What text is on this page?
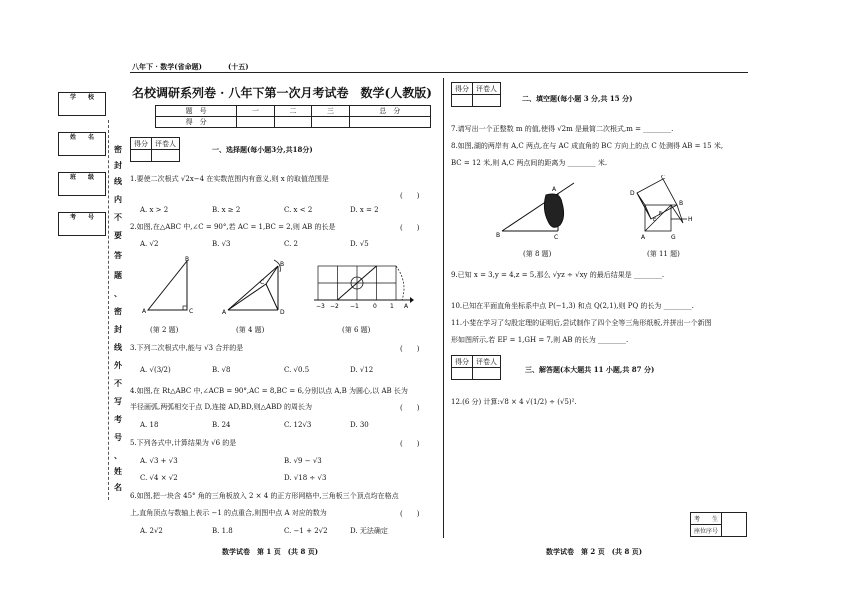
八年下 · 数学(省命题)	(十五)
学　　校
姓　　名
班　　级
考　　号
密
封
线
内
不
要
答
题
、
密
封
线
外
不
写
考
号
、
姓
名
名校调研系列卷 · 八年下第一次月考试卷　数学(人教版)
题　号	一	二	三	总　分
得　分				
得分	评卷人

一、选择题(每小题3分,共18分)
1.要使二次根式 √2x−4 在实数范围内有意义,则 x 的取值范围是
(　　)
A. x > 2	B. x ≥ 2	C. x < 2	D. x = 2
2.如图,在△ABC 中,∠C = 90°,若 AC = 1,BC = 2,则 AB 的长是	(　　)
A. √2	B. √3	C. 2	D. √5
A
B
C
B
C
A	D
−3 −2 −1 0 1 A
(第 2 题)	(第 4 题)	(第 6 题)
3.下列二次根式中,能与 √3 合并的是	(　　)
A. √(3/2)	B. √8	C. √0.5	D. √12
4.如图,在 Rt△ABC 中,∠ACB = 90°,AC = 8,BC = 6,分别以点 A,B 为圆心,以 AB 长为
半径画弧,两弧相交于点 D,连接 AD,BD,则△ABD 的周长为	(　　)
A. 18	B. 24	C. 12√3	D. 30
5.下列各式中,计算结果为 √6 的是	(　　)
A. √3 + √3	B. √9 − √3
C. √4 × √2	D. √18 ÷ √3
6.如图,把一块含 45° 角的三角板放入 2 × 4 的正方形网格中,三角板三个顶点均在格点
上,直角顶点与数轴上表示 −1 的点重合,则图中点 A 对应的数为	(　　)
A. 2√2	B. 1.8	C. −1 + 2√2	D. 无法确定
数学试卷　第 1 页　(共 8 页)
得分	评卷人

二、填空题(每小题 3 分,共 15 分)
7.请写出一个正整数 m 的值,使得 √2m 是最简二次根式,m = ________.
8.如图,湖的两岸有 A,C 两点,在与 AC 成直角的 BC 方向上的点 C 处测得 AB = 15 米,
BC = 12 米,则 A,C 两点间的距离为 ________ 米.
B
A
C
C
D
B
H
A
E
F
G
(第 8 题)	(第 11 题)
9.已知 x = 3,y = 4,z = 5,那么 √yz ÷ √xy 的最后结果是 ________.
10.已知在平面直角坐标系中点 P(−1,3) 和点 Q(2,1),则 PQ 的长为 ________.
11.小斐在学习了勾股定理的证明后,尝试制作了四个全等三角形纸板,并拼出一个新图
形如图所示,若 EF = 1,GH = 7,则 AB 的长为 ________.
得分	评卷人

三、解答题(本大题共 11 小题,共 87 分)
12.(6 分) 计算:√8 × 4 √(1/2) ÷ (√5)².
考　　生	
座位序号
数学试卷　第 2 页　(共 8 页)
